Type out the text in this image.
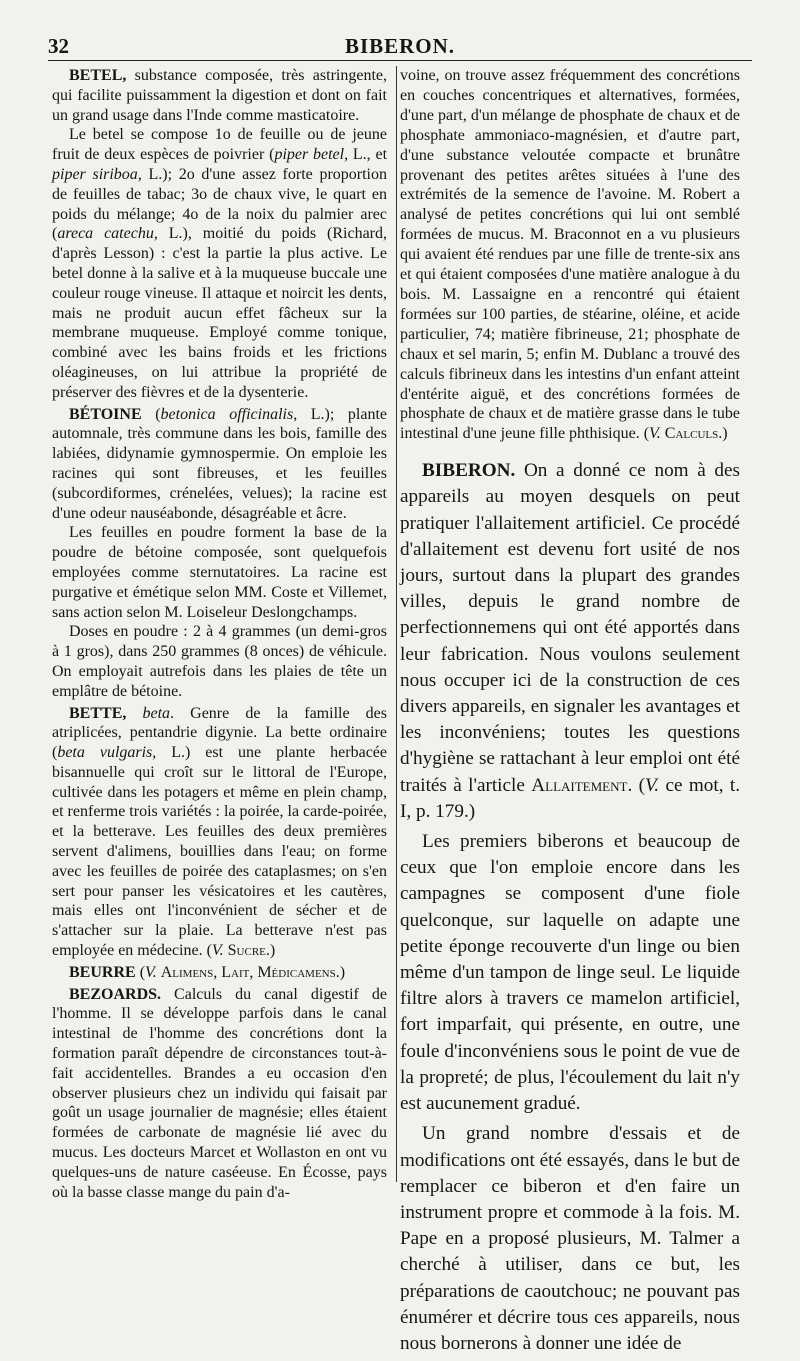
32	BIBERON.

BETEL, substance composée, très astringente, qui facilite puissamment la digestion et dont on fait un grand usage dans l'Inde comme masticatoire.

Le betel se compose 1o de feuille ou de jeune fruit de deux espèces de poivrier (piper betel, L., et piper siriboa, L.); 2o d'une assez forte proportion de feuilles de tabac; 3o de chaux vive, le quart en poids du mélange; 4o de la noix du palmier arec (areca catechu, L.), moitié du poids (Richard, d'après Lesson) : c'est la partie la plus active. Le betel donne à la salive et à la muqueuse buccale une couleur rouge vineuse. Il attaque et noircit les dents, mais ne produit aucun effet fâcheux sur la membrane muqueuse. Employé comme tonique, combiné avec les bains froids et les frictions oléagineuses, on lui attribue la propriété de préserver des fièvres et de la dysenterie.

BÉTOINE (betonica officinalis, L.); plante automnale, très commune dans les bois, famille des labiées, didynamie gymnospermie. On emploie les racines qui sont fibreuses, et les feuilles (subcordiformes, crénelées, velues); la racine est d'une odeur nauséabonde, désagréable et âcre.

Les feuilles en poudre forment la base de la poudre de bétoine composée, sont quelquefois employées comme sternutatoires. La racine est purgative et émétique selon MM. Coste et Villemet, sans action selon M. Loiseleur Deslongchamps.

Doses en poudre : 2 à 4 grammes (un demi-gros à 1 gros), dans 250 grammes (8 onces) de véhicule. On employait autrefois dans les plaies de tête un emplâtre de bétoine.

BETTE, beta. Genre de la famille des atriplicées, pentandrie digynie. La bette ordinaire (beta vulgaris, L.) est une plante herbacée bisannuelle qui croît sur le littoral de l'Europe, cultivée dans les potagers et même en plein champ, et renferme trois variétés : la poirée, la carde-poirée, et la betterave. Les feuilles des deux premières servent d'alimens, bouillies dans l'eau; on forme avec les feuilles de poirée des cataplasmes; on s'en sert pour panser les vésicatoires et les cautères, mais elles ont l'inconvénient de sécher et de s'attacher sur la plaie. La betterave n'est pas employée en médecine. (V. Sucre.)

BEURRE (V. Alimens, Lait, Médicamens.)

BEZOARDS. Calculs du canal digestif de l'homme. Il se développe parfois dans le canal intestinal de l'homme des concrétions dont la formation paraît dépendre de circonstances tout-à-fait accidentelles. Brandes a eu occasion d'en observer plusieurs chez un individu qui faisait par goût un usage journalier de magnésie; elles étaient formées de carbonate de magnésie lié avec du mucus. Les docteurs Marcet et Wollaston en ont vu quelques-uns de nature caséeuse. En Écosse, pays où la basse classe mange du pain d'a-

voine, on trouve assez fréquemment des concrétions en couches concentriques et alternatives, formées, d'une part, d'un mélange de phosphate de chaux et de phosphate ammoniaco-magnésien, et d'autre part, d'une substance veloutée compacte et brunâtre provenant des petites arêtes situées à l'une des extrémités de la semence de l'avoine. M. Robert a analysé de petites concrétions qui lui ont semblé formées de mucus. M. Braconnot en a vu plusieurs qui avaient été rendues par une fille de trente-six ans et qui étaient composées d'une matière analogue à du bois. M. Lassaigne en a rencontré qui étaient formées sur 100 parties, de stéarine, oléine, et acide particulier, 74; matière fibrineuse, 21; phosphate de chaux et sel marin, 5; enfin M. Dublanc a trouvé des calculs fibrineux dans les intestins d'un enfant atteint d'entérite aiguë, et des concrétions formées de phosphate de chaux et de matière grasse dans le tube intestinal d'une jeune fille phthisique. (V. Calculs.)

BIBERON. On a donné ce nom à des appareils au moyen desquels on peut pratiquer l'allaitement artificiel. Ce procédé d'allaitement est devenu fort usité de nos jours, surtout dans la plupart des grandes villes, depuis le grand nombre de perfectionnemens qui ont été apportés dans leur fabrication. Nous voulons seulement nous occuper ici de la construction de ces divers appareils, en signaler les avantages et les inconvéniens; toutes les questions d'hygiène se rattachant à leur emploi ont été traités à l'article Allaitement. (V. ce mot, t. I, p. 179.)

Les premiers biberons et beaucoup de ceux que l'on emploie encore dans les campagnes se composent d'une fiole quelconque, sur laquelle on adapte une petite éponge recouverte d'un linge ou bien même d'un tampon de linge seul. Le liquide filtre alors à travers ce mamelon artificiel, fort imparfait, qui présente, en outre, une foule d'inconvéniens sous le point de vue de la propreté; de plus, l'écoulement du lait n'y est aucunement gradué.

Un grand nombre d'essais et de modifications ont été essayés, dans le but de remplacer ce biberon et d'en faire un instrument propre et commode à la fois. M. Pape en a proposé plusieurs, M. Talmer a cherché à utiliser, dans ce but, les préparations de caoutchouc; ne pouvant pas énumérer et décrire tous ces appareils, nous nous bornerons à donner une idée de
